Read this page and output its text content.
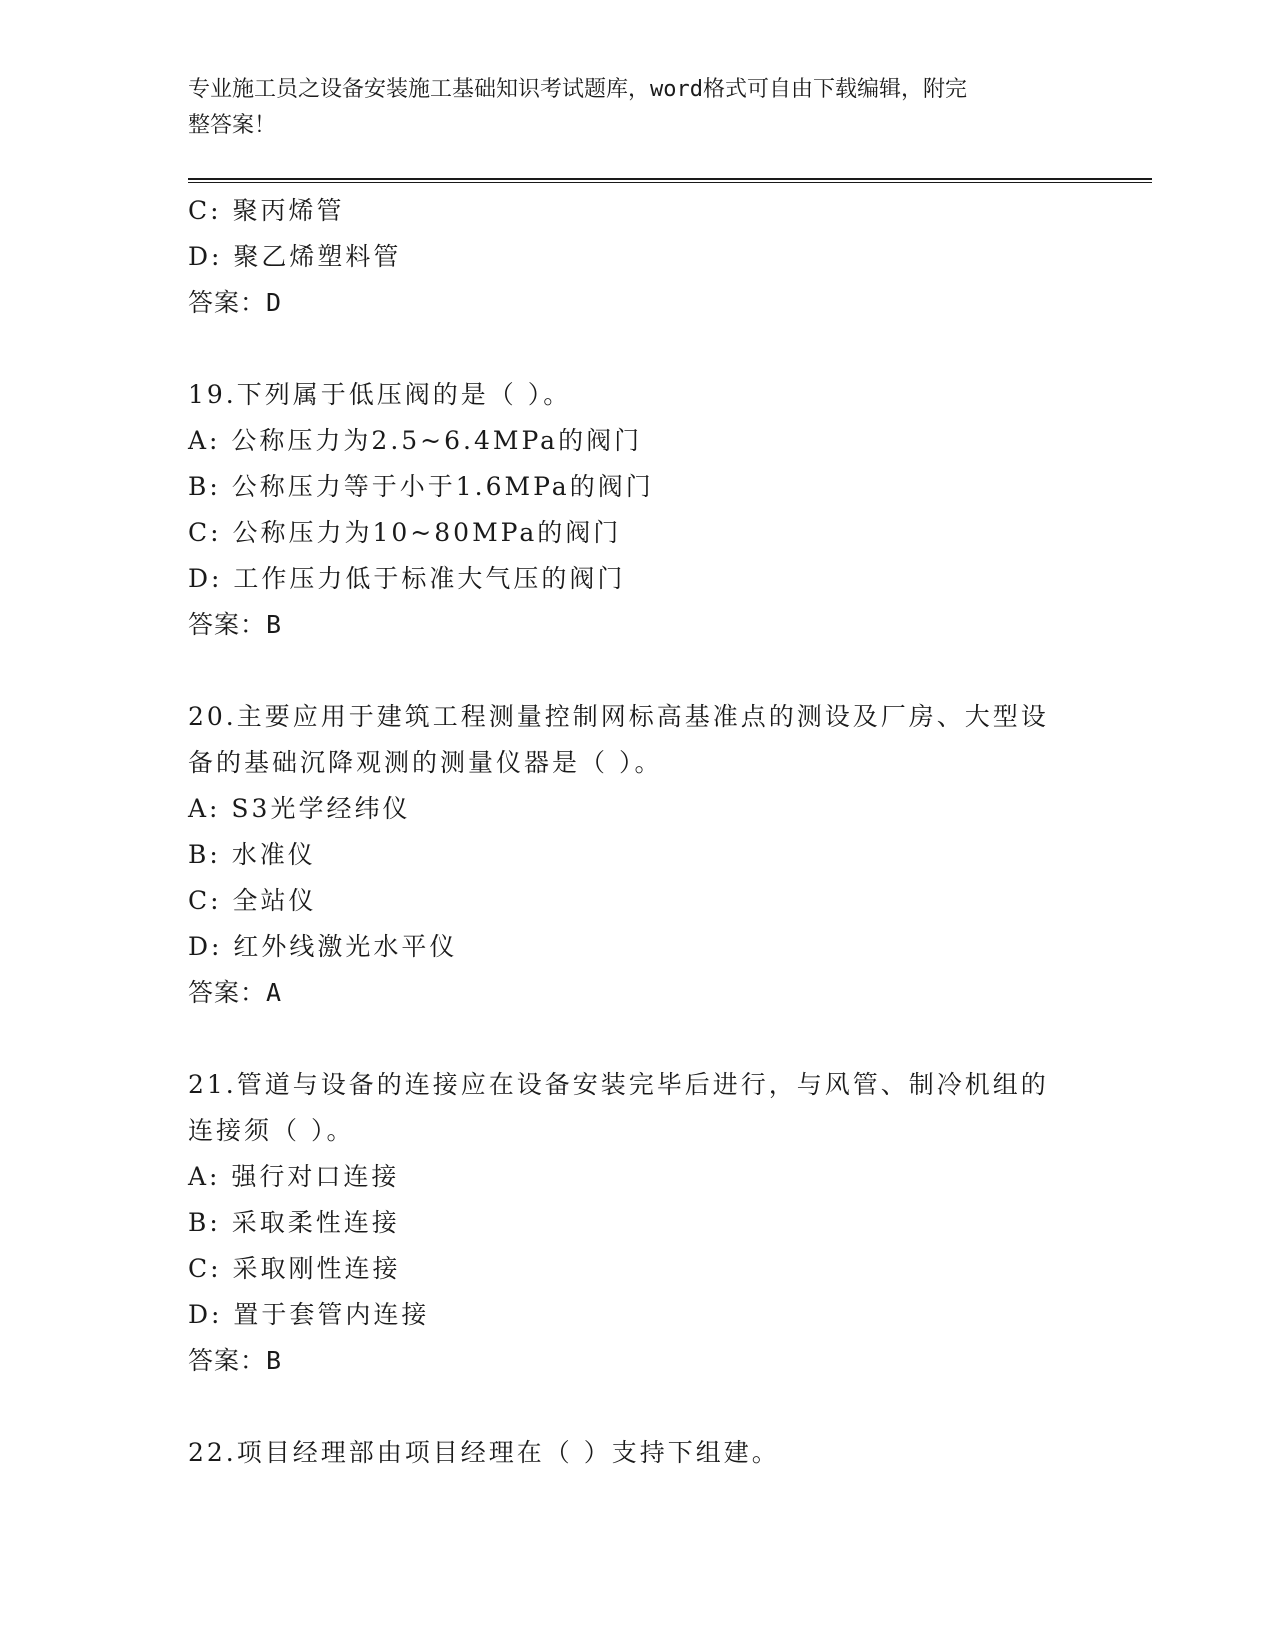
专业施工员之设备安装施工基础知识考试题库，word格式可自由下载编辑，附完
整答案！
C: 聚丙烯管
D: 聚乙烯塑料管
答案：D
19.下列属于低压阀的是（ ）。
A: 公称压力为2.5~6.4MPa的阀门
B: 公称压力等于小于1.6MPa的阀门
C: 公称压力为10~80MPa的阀门
D: 工作压力低于标准大气压的阀门
答案：B
20.主要应用于建筑工程测量控制网标高基准点的测设及厂房、大型设
备的基础沉降观测的测量仪器是（ ）。
A: S3光学经纬仪
B: 水准仪
C: 全站仪
D: 红外线激光水平仪
答案：A
21.管道与设备的连接应在设备安装完毕后进行，与风管、制冷机组的
连接须（ ）。
A: 强行对口连接
B: 采取柔性连接
C: 采取刚性连接
D: 置于套管内连接
答案：B
22.项目经理部由项目经理在（ ）支持下组建。
